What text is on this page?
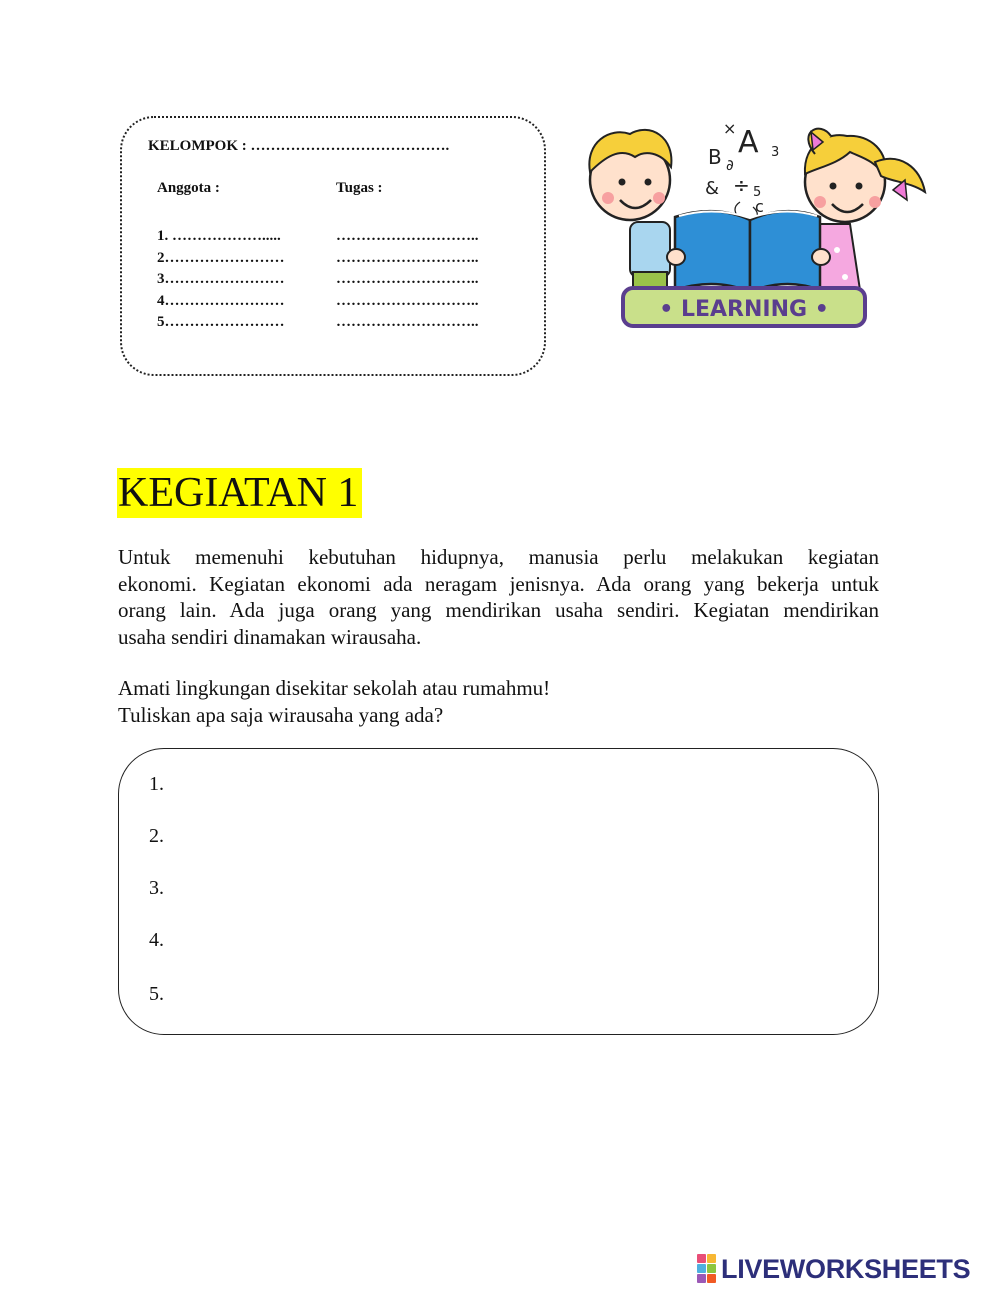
KELOMPOK : ………………………………….
Anggota :	Tugas :
1. ……………….....	………………………..
2……………………	………………………..
3……………………	………………………..
4……………………	………………………..
5……………………	………………………..
× A 3
B ∂
& ÷ 5
c
• LEARNING •
KEGIATAN 1
Untuk memenuhi kebutuhan hidupnya, manusia perlu melakukan kegiatan
ekonomi. Kegiatan ekonomi ada neragam jenisnya. Ada orang yang bekerja untuk
orang lain. Ada juga orang yang mendirikan usaha sendiri. Kegiatan mendirikan
usaha sendiri dinamakan wirausaha.
Amati lingkungan disekitar sekolah atau rumahmu!
Tuliskan apa saja wirausaha yang ada?
1.
2.
3.
4.
5.
LIVEWORKSHEETS
